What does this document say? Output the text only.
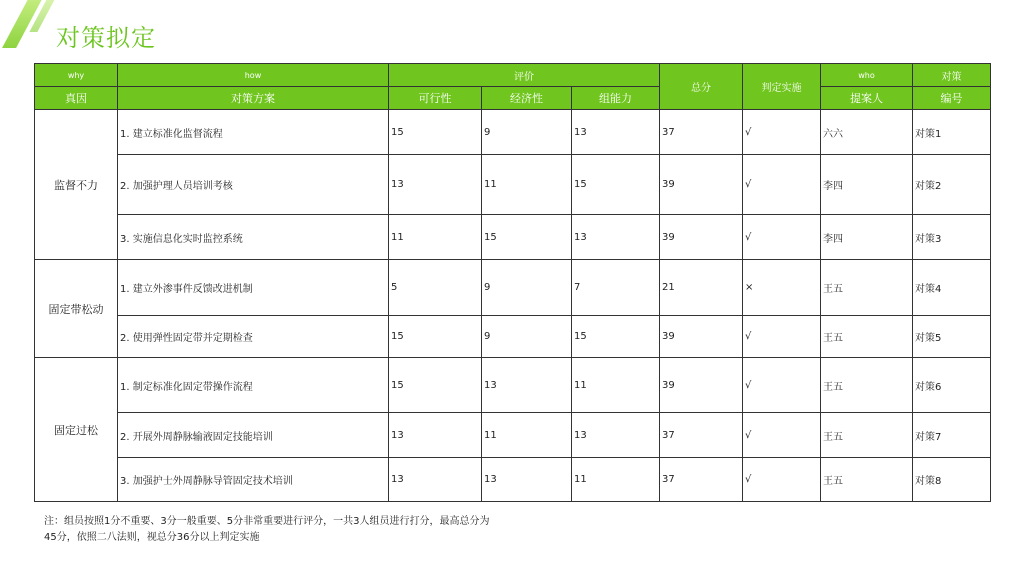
对策拟定
why	how	评价			总分	判定实施	who	对策
真因	对策方案	可行性	经济性	组能力			提案人	编号
监督不力	1. 建立标准化监督流程	15	9	13	37	√	六六	对策1
	2. 加强护理人员培训考核	13	11	15	39	√	李四	对策2
	3. 实施信息化实时监控系统	11	15	13	39	√	李四	对策3
固定带松动	1. 建立外渗事件反馈改进机制	5	9	7	21	×	王五	对策4
	2. 使用弹性固定带并定期检查	15	9	15	39	√	王五	对策5
固定过松	1. 制定标准化固定带操作流程	15	13	11	39	√	王五	对策6
	2. 开展外周静脉输液固定技能培训	13	11	13	37	√	王五	对策7
	3. 加强护士外周静脉导管固定技术培训	13	13	11	37	√	王五	对策8
注：组员按照1分不重要、3分一般重要、5分非常重要进行评分，一共3人组员进行打分，最高总分为
45分，依照二八法则，视总分36分以上判定实施
